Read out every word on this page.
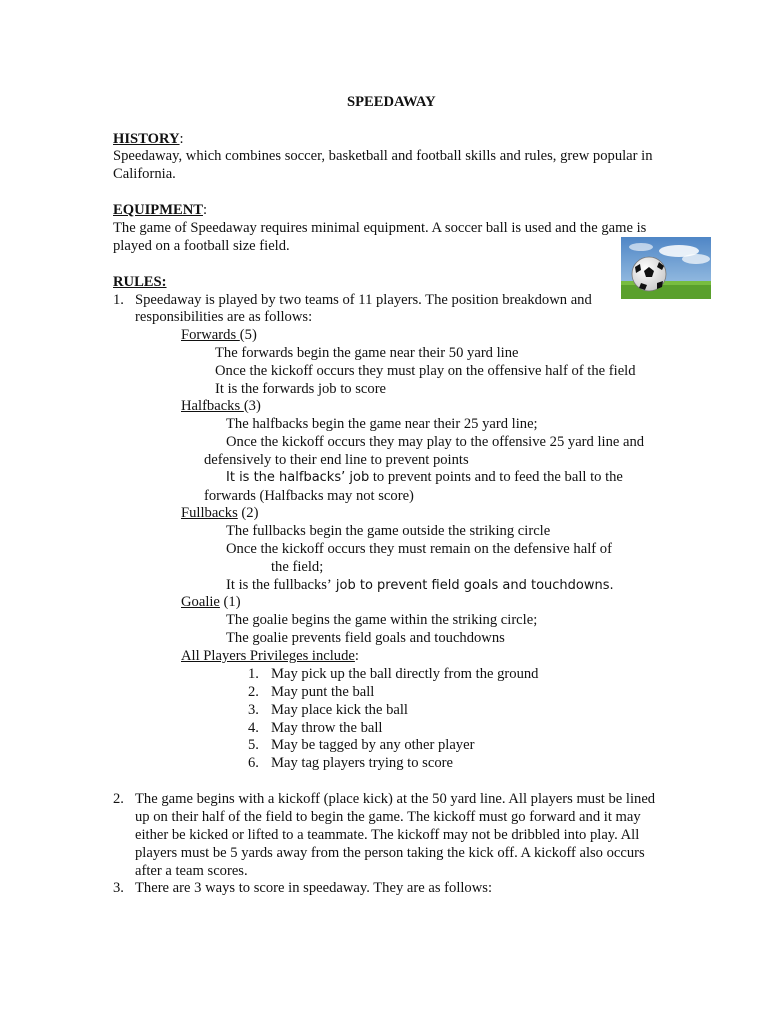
SPEEDAWAY
HISTORY:
Speedaway, which combines soccer, basketball and football skills and rules, grew popular in
California.
EQUIPMENT:
The game of Speedaway requires minimal equipment. A soccer ball is used and the game is
played on a football size field.
RULES:
1. Speedaway is played by two teams of 11 players. The position breakdown and
responsibilities are as follows:
Forwards (5)
The forwards begin the game near their 50 yard line
Once the kickoff occurs they must play on the offensive half of the field
It is the forwards job to score
Halfbacks (3)
The halfbacks begin the game near their 25 yard line;
Once the kickoff occurs they may play to the offensive 25 yard line and
defensively to their end line to prevent points
It is the halfbacks’ job to prevent points and to feed the ball to the
forwards (Halfbacks may not score)
Fullbacks (2)
The fullbacks begin the game outside the striking circle
Once the kickoff occurs they must remain on the defensive half of
the field;
It is the fullbacks’ job to prevent field goals and touchdowns.
Goalie (1)
The goalie begins the game within the striking circle;
The goalie prevents field goals and touchdowns
All Players Privileges include:
1. May pick up the ball directly from the ground
2. May punt the ball
3. May place kick the ball
4. May throw the ball
5. May be tagged by any other player
6. May tag players trying to score
2. The game begins with a kickoff (place kick) at the 50 yard line. All players must be lined
up on their half of the field to begin the game. The kickoff must go forward and it may
either be kicked or lifted to a teammate. The kickoff may not be dribbled into play. All
players must be 5 yards away from the person taking the kick off. A kickoff also occurs
after a team scores.
3. There are 3 ways to score in speedaway. They are as follows:
